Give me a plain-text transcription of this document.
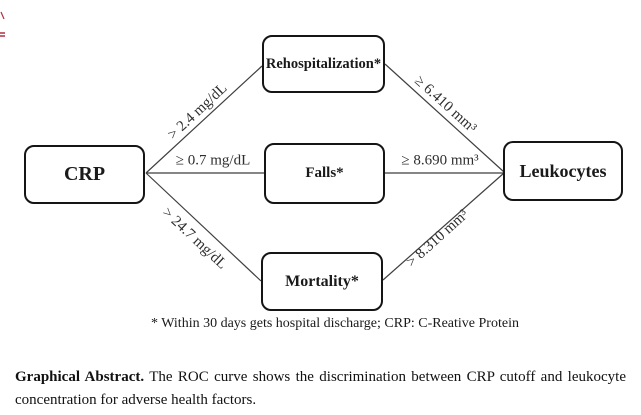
CRP
Rehospitalization*
Falls*
Mortality*
Leukocytes
> 2.4 mg/dL
≥ 0.7 mg/dL
> 24.7 mg/dL
≥ 6.410 mm³
≥ 8.690 mm³
> 8.310 mm³
* Within 30 days gets hospital discharge; CRP: C-Reative Protein

Graphical Abstract. The ROC curve shows the discrimination between CRP cutoff and leukocyte

concentration for adverse health factors.
